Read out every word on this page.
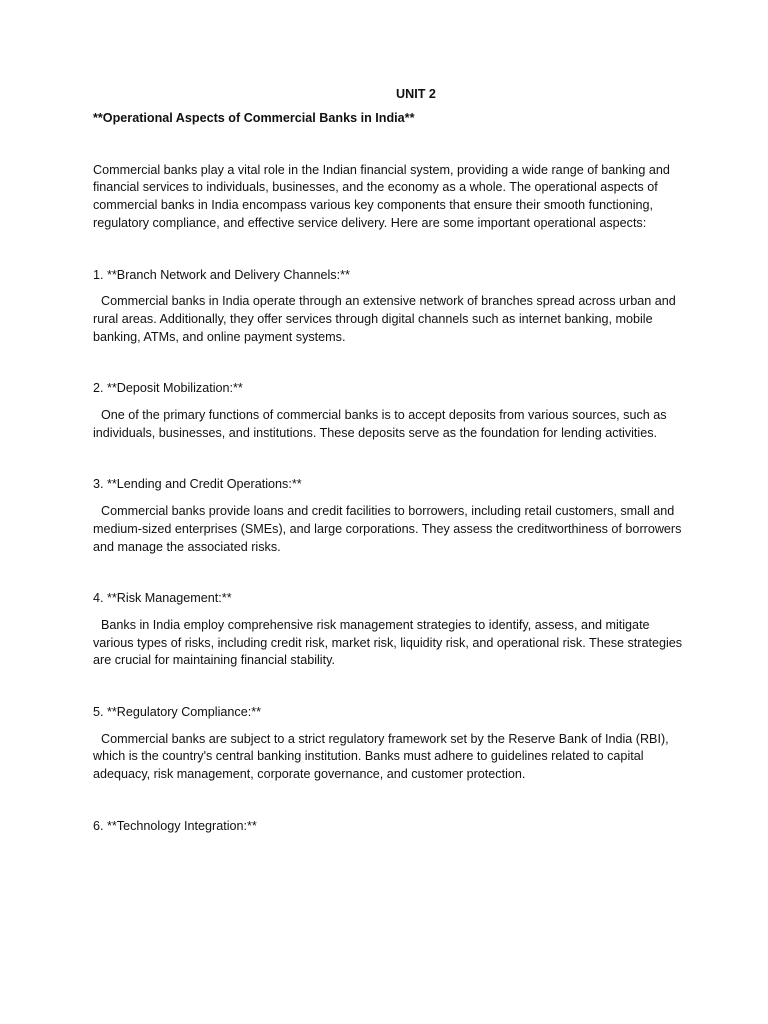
UNIT 2
**Operational Aspects of Commercial Banks in India**

Commercial banks play a vital role in the Indian financial system, providing a wide range of banking and financial services to individuals, businesses, and the economy as a whole. The operational aspects of commercial banks in India encompass various key components that ensure their smooth functioning, regulatory compliance, and effective service delivery. Here are some important operational aspects:

1. **Branch Network and Delivery Channels:**

Commercial banks in India operate through an extensive network of branches spread across urban and rural areas. Additionally, they offer services through digital channels such as internet banking, mobile banking, ATMs, and online payment systems.

2. **Deposit Mobilization:**

One of the primary functions of commercial banks is to accept deposits from various sources, such as individuals, businesses, and institutions. These deposits serve as the foundation for lending activities.

3. **Lending and Credit Operations:**

Commercial banks provide loans and credit facilities to borrowers, including retail customers, small and medium-sized enterprises (SMEs), and large corporations. They assess the creditworthiness of borrowers and manage the associated risks.

4. **Risk Management:**

Banks in India employ comprehensive risk management strategies to identify, assess, and mitigate various types of risks, including credit risk, market risk, liquidity risk, and operational risk. These strategies are crucial for maintaining financial stability.

5. **Regulatory Compliance:**

Commercial banks are subject to a strict regulatory framework set by the Reserve Bank of India (RBI), which is the country's central banking institution. Banks must adhere to guidelines related to capital adequacy, risk management, corporate governance, and customer protection.

6. **Technology Integration:**
